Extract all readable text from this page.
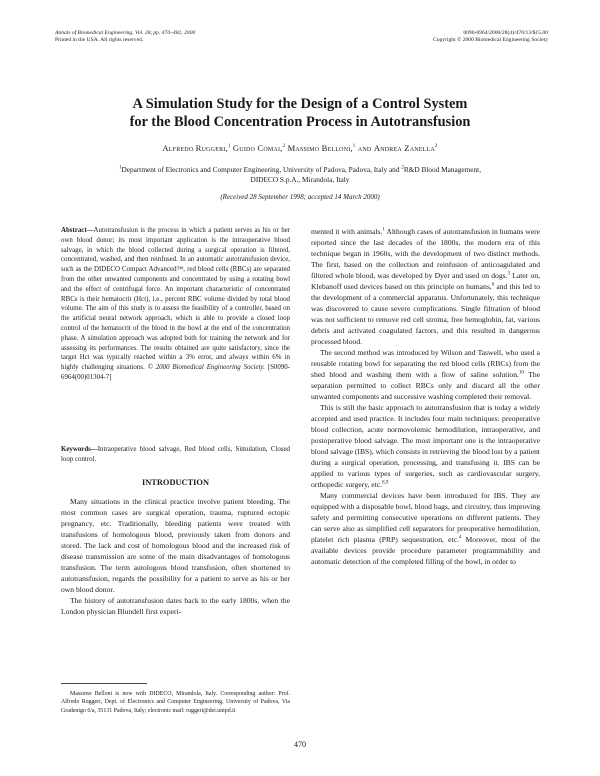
Annals of Biomedical Engineering, Vol. 28, pp. 470–482, 2000
Printed in the USA. All rights reserved.
0090-6964/2000/28(4)/470/13/$15.00
Copyright © 2000 Biomedical Engineering Society
A Simulation Study for the Design of a Control System
for the Blood Concentration Process in Autotransfusion
Alfredo Ruggeri,$^1$ Guido Comai,$^2$ Massimo Belloni,$^1$ and Andrea Zanella$^2$
$^1$Department of Electronics and Computer Engineering, University of Padova, Padova, Italy and $^2$R&D Blood Management,
DIDECO S.p.A., Mirandola, Italy
(Received 28 September 1998; accepted 14 March 2000)

Abstract—Autotransfusion is the process in which a patient serves as his or her own blood donor; its most important application is the intraoperative blood salvage, in which the blood collected during a surgical operation is filtered, concentrated, washed, and then reinfused. In an automatic autotransfusion device, such as the DIDECO Compact Advanced™, red blood cells (RBCs) are separated from the other unwanted components and concentrated by using a rotating bowl and the effect of centrifugal force. An important characteristic of concentrated RBCs is their hematocrit (Hct), i.e., percent RBC volume divided by total blood volume. The aim of this study is to assess the feasibility of a controller, based on the artificial neural network approach, which is able to provide a closed loop control of the hematocrit of the blood in the bowl at the end of the concentration phase. A simulation approach was adopted both for training the network and for assessing its performances. The results obtained are quite satisfactory, since the target Hct was typically reached within a 3% error, and always within 6% in highly challenging situations. © 2000 Biomedical Engineering Society. [S0090-6964(00)01304-7]

Keywords—Intraoperative blood salvage, Red blood cells, Simulation, Closed loop control.

INTRODUCTION

Many situations in the clinical practice involve patient bleeding. The most common cases are surgical operation, trauma, ruptured ectopic pregnancy, etc. Traditionally, bleeding patients were treated with transfusions of homologous blood, previously taken from donors and stored. The lack and cost of homologous blood and the increased risk of disease transmission are some of the main disadvantages of homologous transfusion. The term autologous blood transfusion, often shortened to autotransfusion, regards the possibility for a patient to serve as his or her own blood donor.

The history of autotransfusion dates back to the early 1800s, when the London physician Blundell first experi-

Massimo Belloni is now with DIDECO, Mirandola, Italy. Corresponding author: Prof. Alfredo Ruggeri, Dept. of Electronics and Computer Engineering, University of Padova, Via Gradenigo 6/a, 35131 Padova, Italy; electronic mail: ruggeri@dei.unipd.it

mented it with animals.$^1$ Although cases of autotransfusion in humans were reported since the last decades of the 1800s, the modern era of this technique began in 1960s, with the development of two distinct methods. The first, based on the collection and reinfusion of anticoagulated and filtered whole blood, was developed by Dyer and used on dogs.$^3$ Later on, Klebanoff used devices based on this principle on humans,$^6$ and this led to the development of a commercial apparatus. Unfortunately, this technique was discovered to cause severe complications. Single filtration of blood was not sufficient to remove red cell stroma, free hemoglobin, fat, various debris and activated coagulated factors, and this resulted in dangerous processed blood.

The second method was introduced by Wilson and Taswell, who used a reusable rotating bowl for separating the red blood cells (RBCs) from the shed blood and washing them with a flow of saline solution.$^{10}$ The separation permitted to collect RBCs only and discard all the other unwanted components and successive washing completed their removal.

This is still the basic approach to autotransfusion that is today a widely accepted and used practice. It includes four main techniques: preoperative blood collection, acute normovolemic hemodilution, intraoperative, and postoperative blood salvage. The most important one is the intraoperative blood salvage (IBS), which consists in retrieving the blood lost by a patient during a surgical operation, processing, and transfusing it. IBS can be applied to various types of surgeries, such as cardiovascular surgery, orthopedic surgery, etc.$^{8,9}$

Many commercial devices have been introduced for IBS. They are equipped with a disposable bowl, blood bags, and circuitry, thus improving safety and permitting consecutive operations on different patients. They can serve also as simplified cell separators for preoperative hemodilution, platelet rich plasma (PRP) sequestration, etc.$^4$ Moreover, most of the available devices provide procedure parameter programmability and automatic detection of the completed filling of the bowl, in order to

470
